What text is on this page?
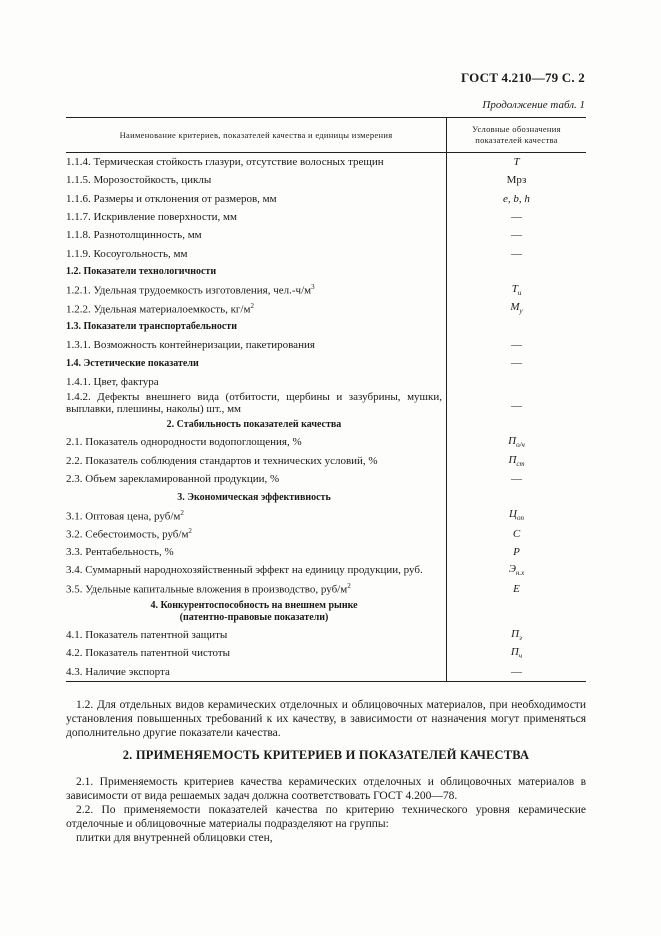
ГОСТ 4.210—79 С. 2
Продолжение табл. 1
Наименование критериев, показателей качества и единицы измерения	Условные обозначения показателей качества
1.1.4. Термическая стойкость глазури, отсутствие волосных трещин	T
1.1.5. Морозостойкость, циклы	Мрз
1.1.6. Размеры и отклонения от размеров, мм	e, b, h
1.1.7. Искривление поверхности, мм	—
1.1.8. Разнотолщинность, мм	—
1.1.9. Косоугольность, мм	—
1.2. Показатели технологичности	
1.2.1. Удельная трудоемкость изготовления, $чел.-ч/м^3$	$T_и$
1.2.2. Удельная материалоемкость, $кг/м^2$	$M_y$
1.3. Показатели транспортабельности	
1.3.1. Возможность контейнеризации, пакетирования	—
1.4. Эстетические показатели	—
1.4.1. Цвет, фактура	
1.4.2. Дефекты внешнего вида (отбитости, щербины и зазубрины, мушки, выплавки, плешины, наколы) шт., мм	—
2. Стабильность показателей качества	
2.1. Показатель однородности водопоглощения, %	$П_{о/ч}$
2.2. Показатель соблюдения стандартов и технических условий, %	$П_{ст}$
2.3. Объем зарекламированной продукции, %	—
3. Экономическая эффективность	
3.1. Оптовая цена, руб/$м^2$	$Ц_{оп}$
3.2. Себестоимость, руб/$м^2$	C
3.3. Рентабельность, %	P
3.4. Суммарный народнохозяйственный эффект на единицу продукции, руб.	$Э_{н.х}$
3.5. Удельные капитальные вложения в производство, руб/$м^2$	E
4. Конкурентоспособность на внешнем рынке
(патентно-правовые показатели)	
4.1. Показатель патентной защиты	$П_з$
4.2. Показатель патентной чистоты	$П_ч$
4.3. Наличие экспорта	—
1.2. Для отдельных видов керамических отделочных и облицовочных материалов, при необходимости установления повышенных требований к их качеству, в зависимости от назначения могут применяться дополнительно другие показатели качества.
2. ПРИМЕНЯЕМОСТЬ КРИТЕРИЕВ И ПОКАЗАТЕЛЕЙ КАЧЕСТВА
2.1. Применяемость критериев качества керамических отделочных и облицовочных материалов в зависимости от вида решаемых задач должна соответствовать ГОСТ 4.200—78.
2.2. По применяемости показателей качества по критерию технического уровня керамические отделочные и облицовочные материалы подразделяют на группы:
плитки для внутренней облицовки стен,
